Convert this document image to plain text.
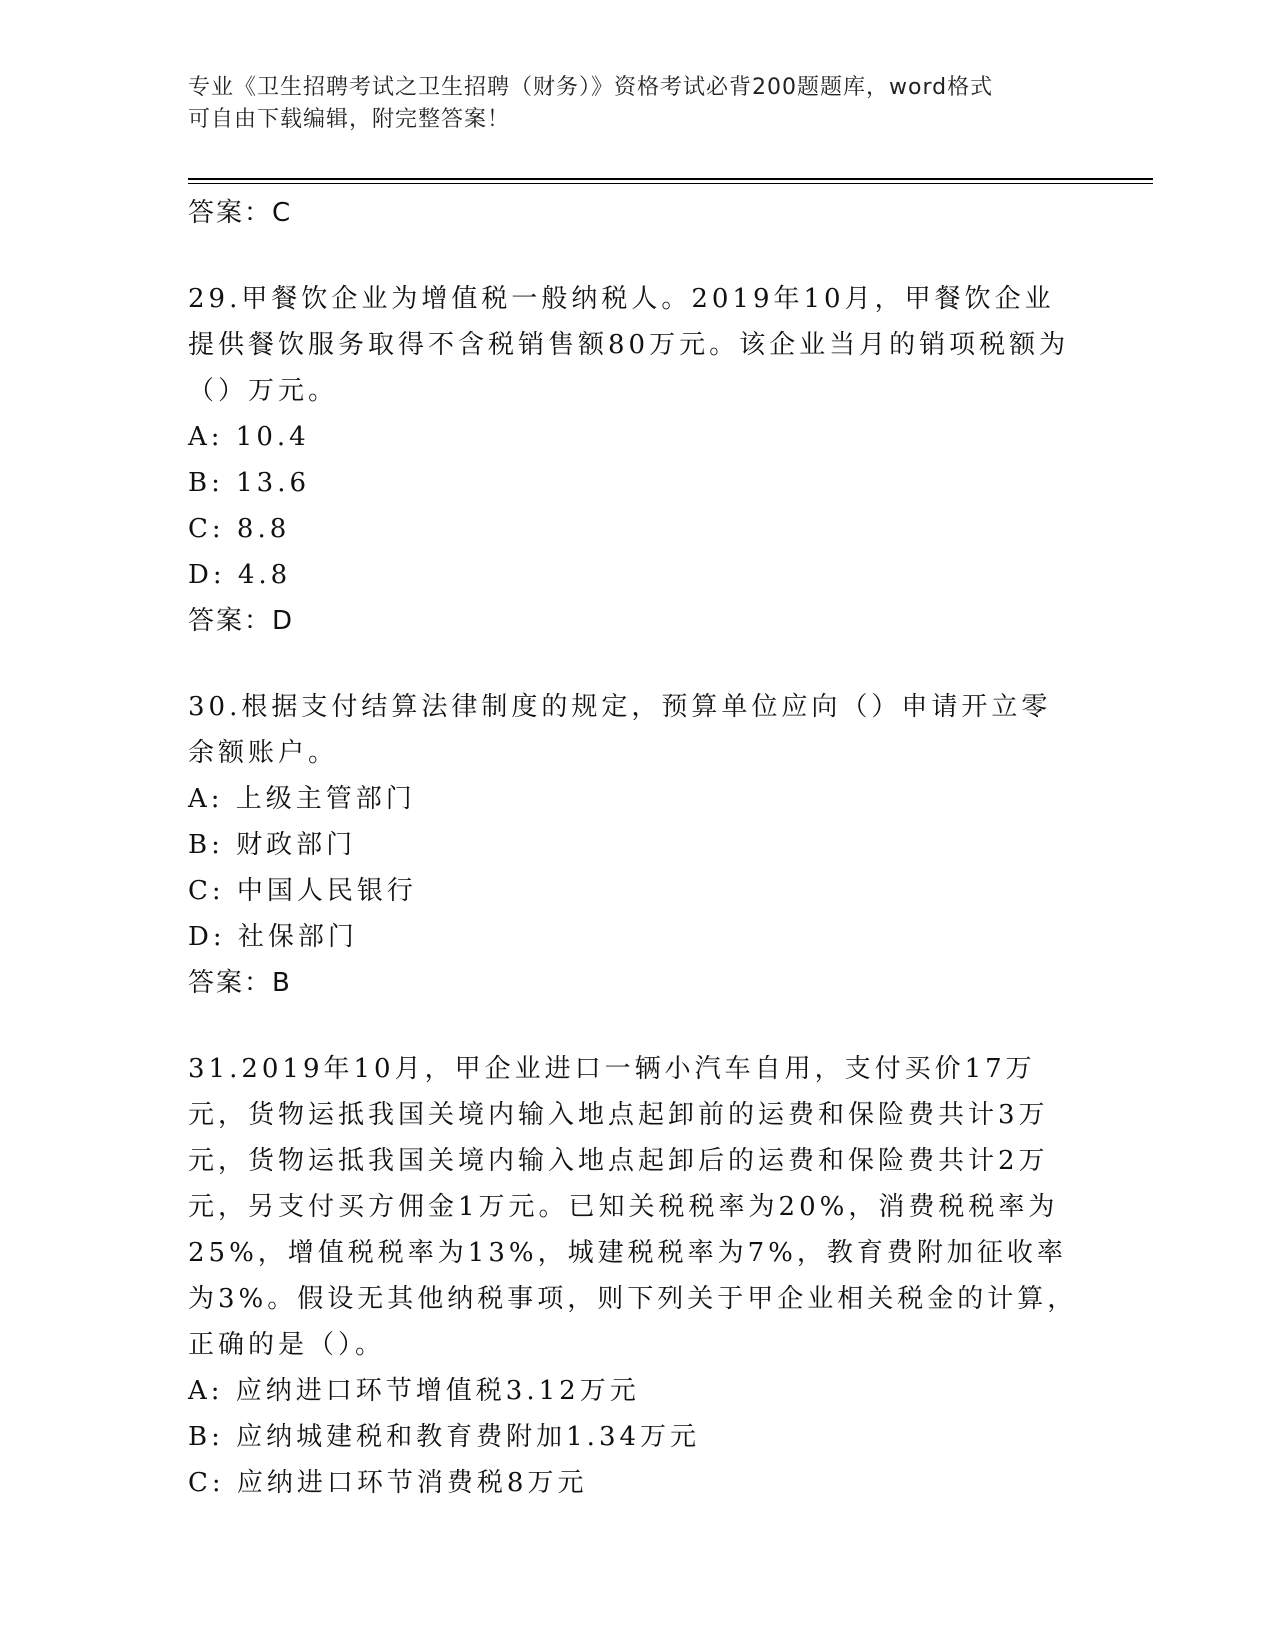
专业《卫生招聘考试之卫生招聘（财务）》资格考试必背200题题库，word格式
可自由下载编辑，附完整答案！

答案：C

29.甲餐饮企业为增值税一般纳税人。2019年10月，甲餐饮企业提供餐饮服务取得不含税销售额80万元。该企业当月的销项税额为（）万元。

A: 10.4

B: 13.6

C: 8.8

D: 4.8

答案：D

30.根据支付结算法律制度的规定，预算单位应向（）申请开立零余额账户。

A: 上级主管部门

B: 财政部门

C: 中国人民银行

D: 社保部门

答案：B

31.2019年10月，甲企业进口一辆小汽车自用，支付买价17万元，货物运抵我国关境内输入地点起卸前的运费和保险费共计3万元，货物运抵我国关境内输入地点起卸后的运费和保险费共计2万元，另支付买方佣金1万元。已知关税税率为20%，消费税税率为25%，增值税税率为13%，城建税税率为7%，教育费附加征收率为3%。假设无其他纳税事项，则下列关于甲企业相关税金的计算，正确的是（）。

A: 应纳进口环节增值税3.12万元

B: 应纳城建税和教育费附加1.34万元

C: 应纳进口环节消费税8万元
